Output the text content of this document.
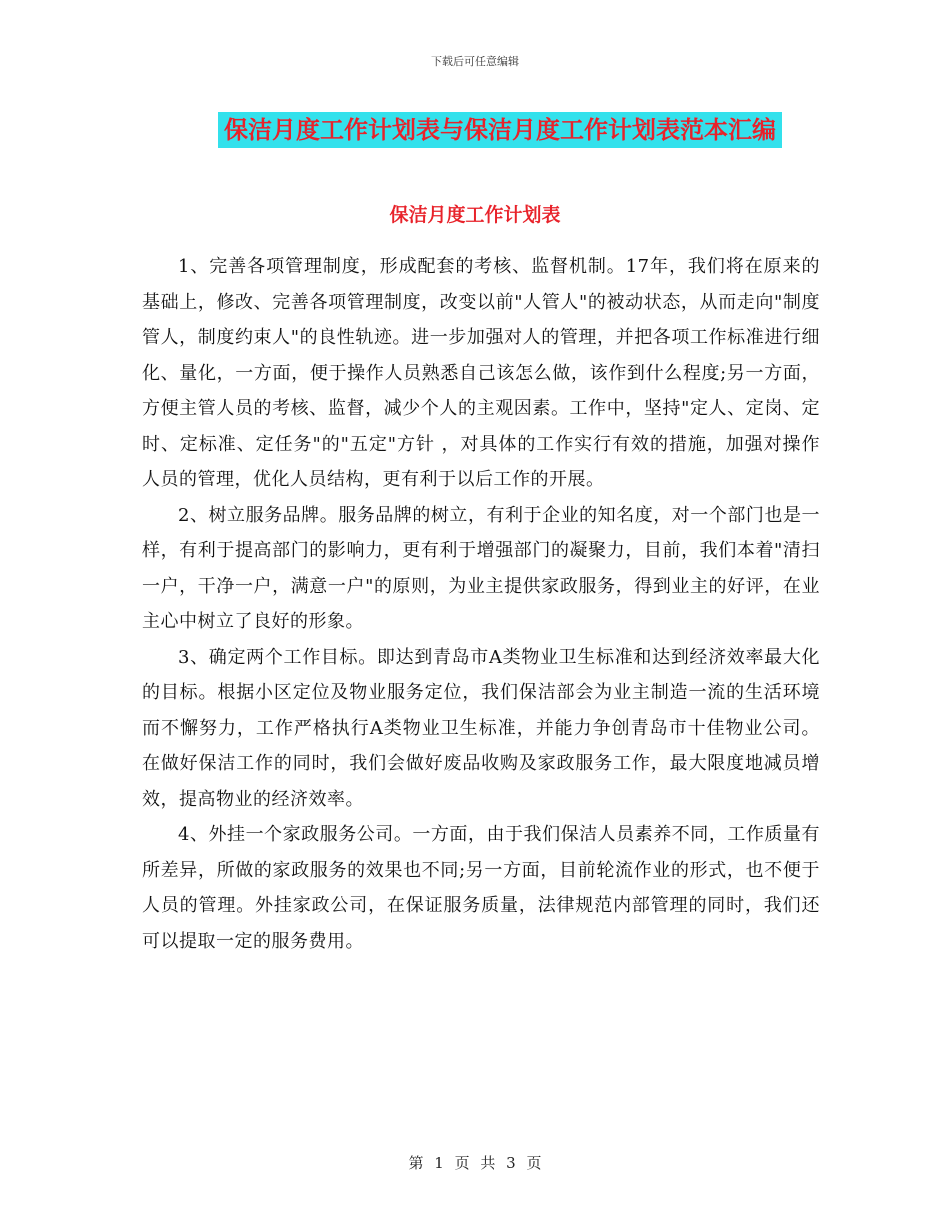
下载后可任意编辑
保洁月度工作计划表与保洁月度工作计划表范本汇编
保洁月度工作计划表

1、完善各项管理制度，形成配套的考核、监督机制。17年，我们将在原来的基础上，修改、完善各项管理制度，改变以前"人管人"的被动状态，从而走向"制度管人，制度约束人"的良性轨迹。进一步加强对人的管理，并把各项工作标准进行细化、量化，一方面，便于操作人员熟悉自己该怎么做，该作到什么程度;另一方面，方便主管人员的考核、监督，减少个人的主观因素。工作中，坚持"定人、定岗、定时、定标准、定任务"的"五定"方针 ，对具体的工作实行有效的措施，加强对操作人员的管理，优化人员结构，更有利于以后工作的开展。

2、树立服务品牌。服务品牌的树立，有利于企业的知名度，对一个部门也是一样，有利于提高部门的影响力，更有利于增强部门的凝聚力，目前，我们本着"清扫一户，干净一户，满意一户"的原则，为业主提供家政服务，得到业主的好评，在业主心中树立了良好的形象。

3、确定两个工作目标。即达到青岛市A类物业卫生标准和达到经济效率最大化的目标。根据小区定位及物业服务定位，我们保洁部会为业主制造一流的生活环境而不懈努力，工作严格执行A类物业卫生标准，并能力争创青岛市十佳物业公司。在做好保洁工作的同时，我们会做好废品收购及家政服务工作，最大限度地减员增效，提高物业的经济效率。

4、外挂一个家政服务公司。一方面，由于我们保洁人员素养不同，工作质量有所差异，所做的家政服务的效果也不同;另一方面，目前轮流作业的形式，也不便于人员的管理。外挂家政公司，在保证服务质量，法律规范内部管理的同时，我们还可以提取一定的服务费用。

第 1 页 共 3 页
